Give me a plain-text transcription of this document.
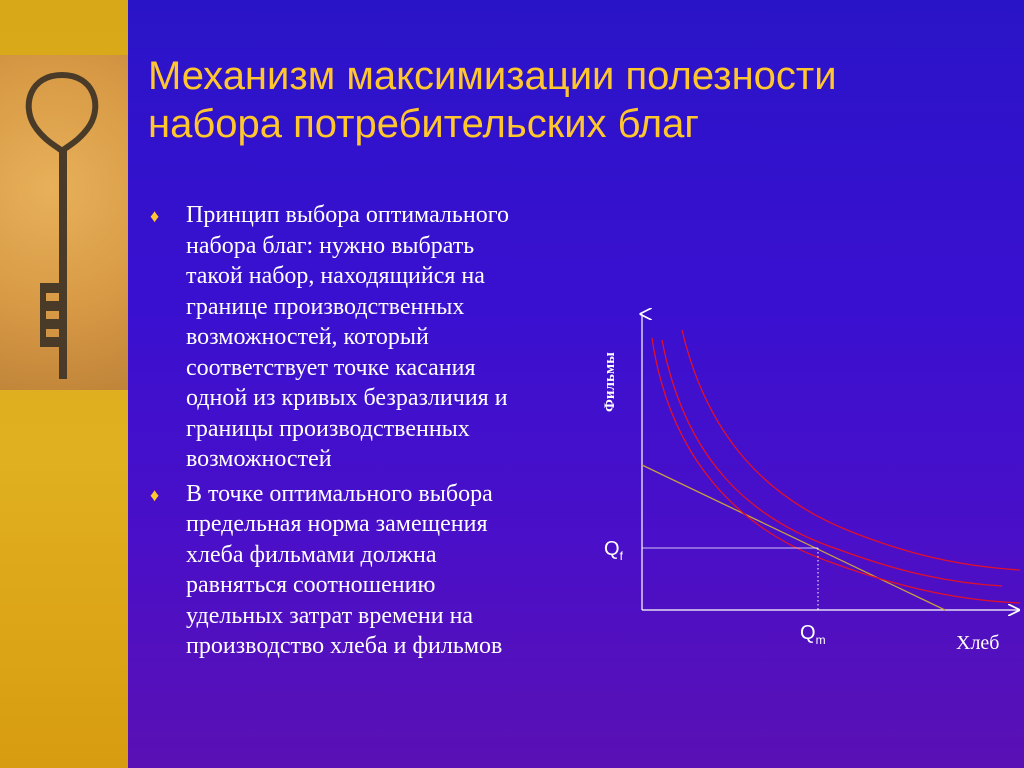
Механизм максимизации полезности
набора потребительских благ
♦ Принцип выбора оптимального
набора благ: нужно выбрать
такой набор, находящийся на
границе производственных
возможностей, который
соответствует точке касания
одной из кривых безразличия и
границы производственных
возможностей
♦ В точке оптимального выбора
предельная норма замещения
хлеба фильмами должна
равняться соотношению
удельных затрат времени на
производство хлеба и фильмов
Фильмы
Хлеб
$Q_f$
$Q_m$
